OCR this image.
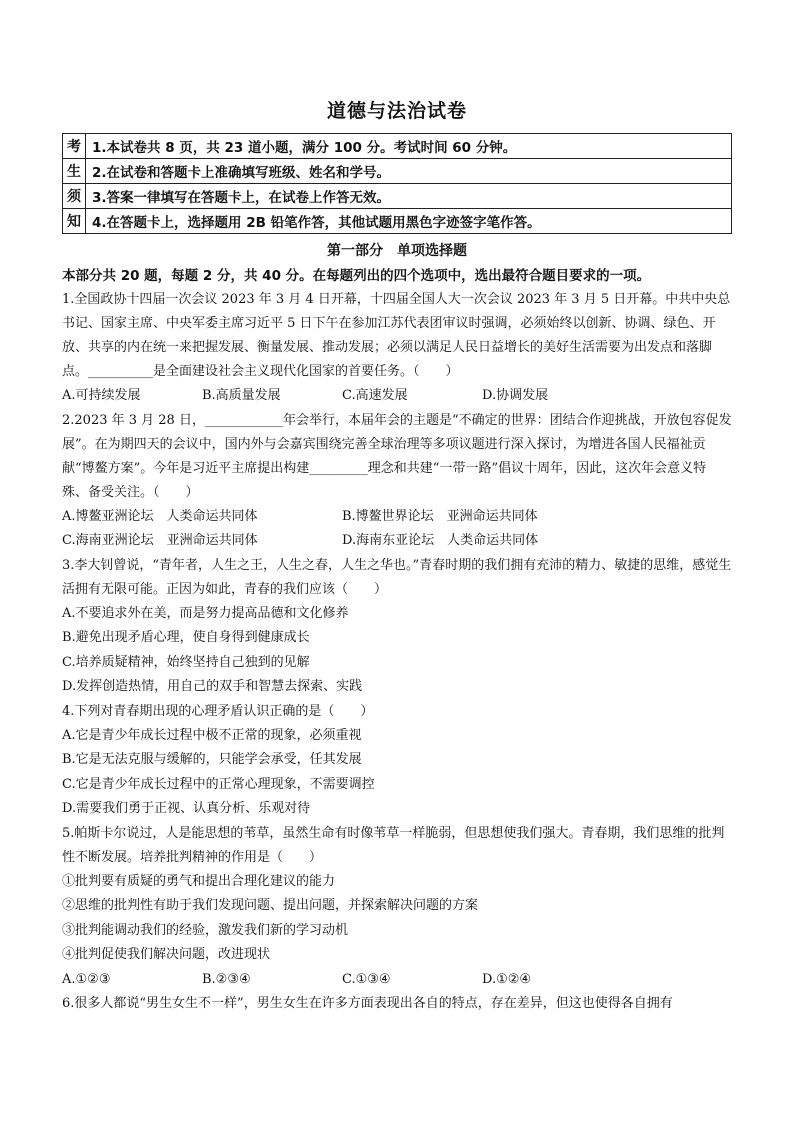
道德与法治试卷
考	1.本试卷共 8 页，共 23 道小题，满分 100 分。考试时间 60 分钟。
生	2.在试卷和答题卡上准确填写班级、姓名和学号。
须	3.答案一律填写在答题卡上，在试卷上作答无效。
知	4.在答题卡上，选择题用 2B 铅笔作答，其他试题用黑色字迹签字笔作答。
第一部分　单项选择题
本部分共 20 题，每题 2 分，共 40 分。在每题列出的四个选项中，选出最符合题目要求的一项。

1.全国政协十四届一次会议 2023 年 3 月 4 日开幕，十四届全国人大一次会议 2023 年 3 月 5 日开幕。中共中央总书记、国家主席、中央军委主席习近平 5 日下午在参加江苏代表团审议时强调，必须始终以创新、协调、绿色、开放、共享的内在统一来把握发展、衡量发展、推动发展；必须以满足人民日益增长的美好生活需要为出发点和落脚点。__________是全面建设社会主义现代化国家的首要任务。（　　）

A.可持续发展	B.高质量发展	C.高速发展	D.协调发展

2.2023 年 3 月 28 日，____________年会举行，本届年会的主题是“不确定的世界：团结合作迎挑战，开放包容促发展”。在为期四天的会议中，国内外与会嘉宾围绕完善全球治理等多项议题进行深入探讨，为增进各国人民福祉贡献“博鳌方案”。今年是习近平主席提出构建_________理念和共建“一带一路”倡议十周年，因此，这次年会意义特殊、备受关注。（　　）

A.博鳌亚洲论坛　人类命运共同体	B.博鳌世界论坛　亚洲命运共同体
C.海南亚洲论坛　亚洲命运共同体	D.海南东亚论坛　人类命运共同体

3.李大钊曾说，“青年者，人生之王，人生之春，人生之华也。”青春时期的我们拥有充沛的精力、敏捷的思维，感觉生活拥有无限可能。正因为如此，青春的我们应该（　　）

A.不要追求外在美，而是努力提高品德和文化修养

B.避免出现矛盾心理，使自身得到健康成长

C.培养质疑精神，始终坚持自己独到的见解

D.发挥创造热情，用自己的双手和智慧去探索、实践

4.下列对青春期出现的心理矛盾认识正确的是（　　）

A.它是青少年成长过程中极不正常的现象，必须重视

B.它是无法克服与缓解的，只能学会承受，任其发展

C.它是青少年成长过程中的正常心理现象，不需要调控

D.需要我们勇于正视、认真分析、乐观对待

5.帕斯卡尔说过，人是能思想的苇草，虽然生命有时像苇草一样脆弱，但思想使我们强大。青春期，我们思维的批判性不断发展。培养批判精神的作用是（　　）

①批判要有质疑的勇气和提出合理化建议的能力

②思维的批判性有助于我们发现问题、提出问题，并探索解决问题的方案

③批判能调动我们的经验，激发我们新的学习动机

④批判促使我们解决问题，改进现状

A.①②③	B.②③④	C.①③④	D.①②④

6.很多人都说“男生女生不一样”，男生女生在许多方面表现出各自的特点，存在差异，但这也使得各自拥有
